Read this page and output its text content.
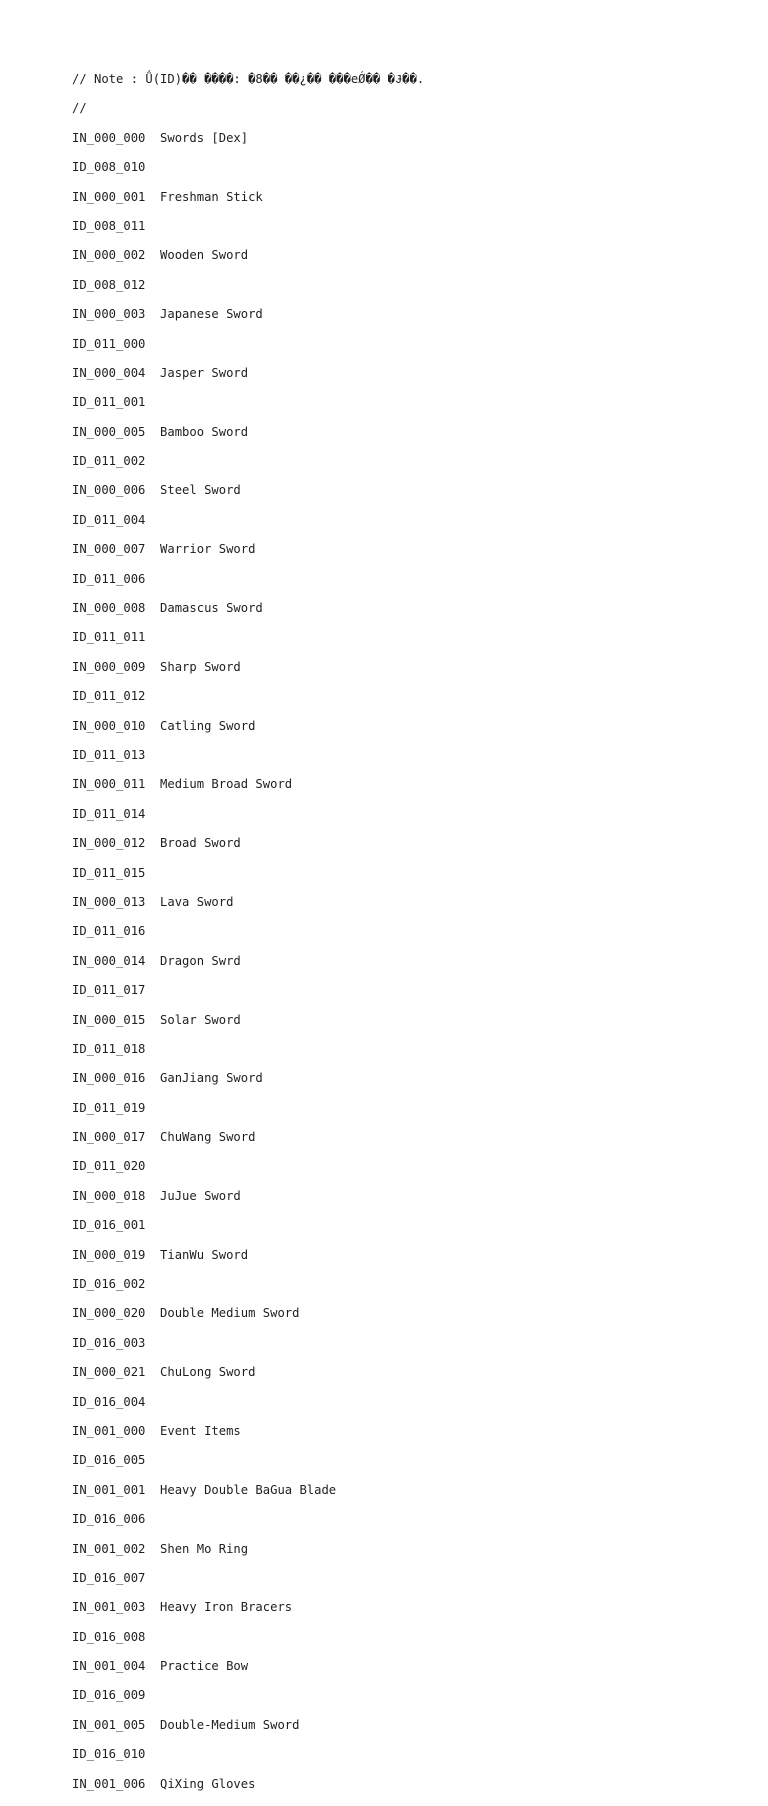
// Note : Ǘ(ID)�� ����: �8�� ��¿�� ���eǾ�� �Ɉ��.

//

IN_000_000  Swords [Dex]

ID_008_010

IN_000_001  Freshman Stick

ID_008_011

IN_000_002  Wooden Sword

ID_008_012

IN_000_003  Japanese Sword

ID_011_000

IN_000_004  Jasper Sword

ID_011_001

IN_000_005  Bamboo Sword

ID_011_002

IN_000_006  Steel Sword

ID_011_004

IN_000_007  Warrior Sword

ID_011_006

IN_000_008  Damascus Sword

ID_011_011

IN_000_009  Sharp Sword

ID_011_012

IN_000_010  Catling Sword

ID_011_013

IN_000_011  Medium Broad Sword

ID_011_014

IN_000_012  Broad Sword

ID_011_015

IN_000_013  Lava Sword

ID_011_016

IN_000_014  Dragon Swrd

ID_011_017

IN_000_015  Solar Sword

ID_011_018

IN_000_016  GanJiang Sword

ID_011_019

IN_000_017  ChuWang Sword

ID_011_020

IN_000_018  JuJue Sword

ID_016_001

IN_000_019  TianWu Sword

ID_016_002

IN_000_020  Double Medium Sword

ID_016_003

IN_000_021  ChuLong Sword

ID_016_004

IN_001_000  Event Items

ID_016_005

IN_001_001  Heavy Double BaGua Blade

ID_016_006

IN_001_002  Shen Mo Ring

ID_016_007

IN_001_003  Heavy Iron Bracers

ID_016_008

IN_001_004  Practice Bow

ID_016_009

IN_001_005  Double-Medium Sword

ID_016_010

IN_001_006  QiXing Gloves
